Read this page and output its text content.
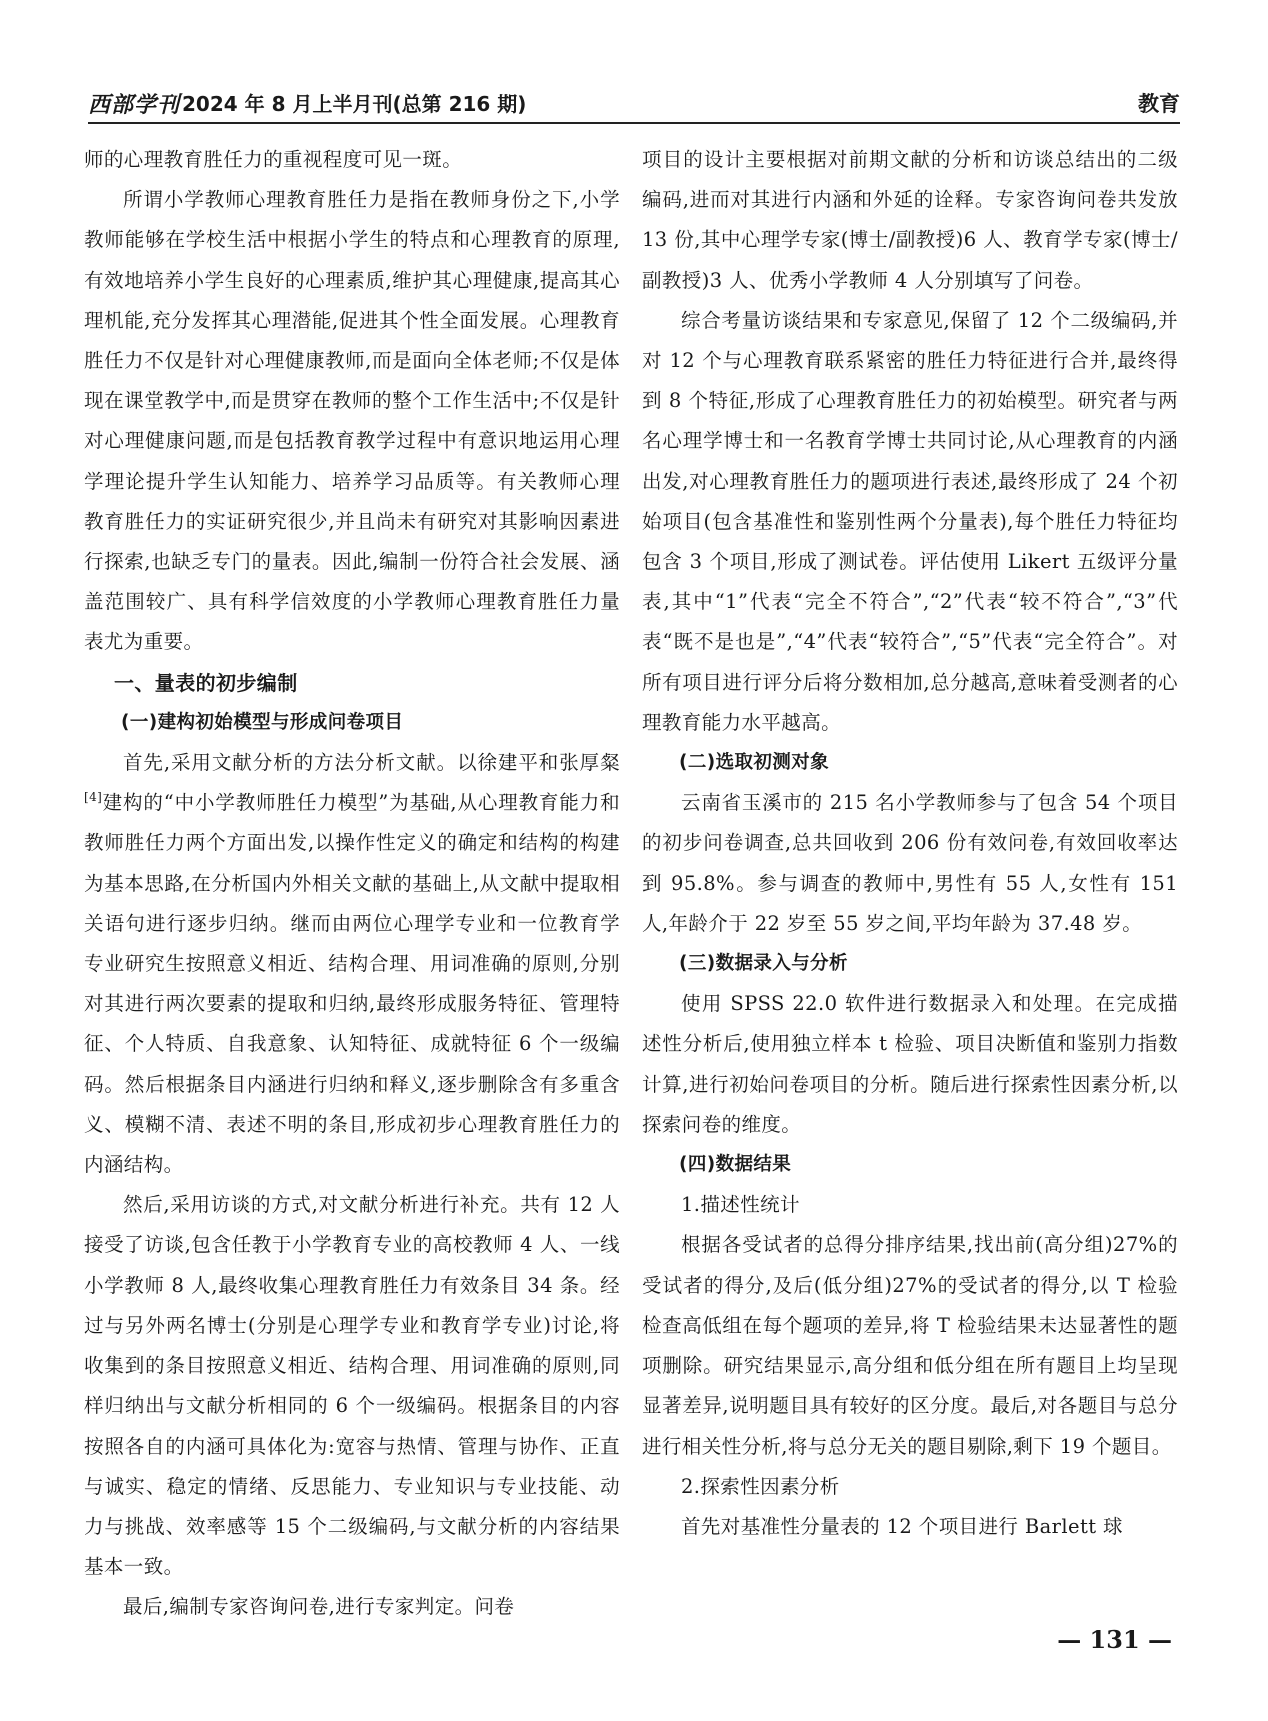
西部学刊 2024 年 8 月上半月刊(总第 216 期)	教育

师的心理教育胜任力的重视程度可见一斑。

所谓小学教师心理教育胜任力是指在教师身份之下,小学教师能够在学校生活中根据小学生的特点和心理教育的原理,有效地培养小学生良好的心理素质,维护其心理健康,提高其心理机能,充分发挥其心理潜能,促进其个性全面发展。心理教育胜任力不仅是针对心理健康教师,而是面向全体老师;不仅是体现在课堂教学中,而是贯穿在教师的整个工作生活中;不仅是针对心理健康问题,而是包括教育教学过程中有意识地运用心理学理论提升学生认知能力、培养学习品质等。有关教师心理教育胜任力的实证研究很少,并且尚未有研究对其影响因素进行探索,也缺乏专门的量表。因此,编制一份符合社会发展、涵盖范围较广、具有科学信效度的小学教师心理教育胜任力量表尤为重要。

一、量表的初步编制
(一)建构初始模型与形成问卷项目

首先,采用文献分析的方法分析文献。以徐建平和张厚粲[4]建构的“中小学教师胜任力模型”为基础,从心理教育能力和教师胜任力两个方面出发,以操作性定义的确定和结构的构建为基本思路,在分析国内外相关文献的基础上,从文献中提取相关语句进行逐步归纳。继而由两位心理学专业和一位教育学专业研究生按照意义相近、结构合理、用词准确的原则,分别对其进行两次要素的提取和归纳,最终形成服务特征、管理特征、个人特质、自我意象、认知特征、成就特征 6 个一级编码。然后根据条目内涵进行归纳和释义,逐步删除含有多重含义、模糊不清、表述不明的条目,形成初步心理教育胜任力的内涵结构。

然后,采用访谈的方式,对文献分析进行补充。共有 12 人接受了访谈,包含任教于小学教育专业的高校教师 4 人、一线小学教师 8 人,最终收集心理教育胜任力有效条目 34 条。经过与另外两名博士(分别是心理学专业和教育学专业)讨论,将收集到的条目按照意义相近、结构合理、用词准确的原则,同样归纳出与文献分析相同的 6 个一级编码。根据条目的内容按照各自的内涵可具体化为:宽容与热情、管理与协作、正直与诚实、稳定的情绪、反思能力、专业知识与专业技能、动力与挑战、效率感等 15 个二级编码,与文献分析的内容结果基本一致。

最后,编制专家咨询问卷,进行专家判定。问卷

项目的设计主要根据对前期文献的分析和访谈总结出的二级编码,进而对其进行内涵和外延的诠释。专家咨询问卷共发放 13 份,其中心理学专家(博士/副教授)6 人、教育学专家(博士/副教授)3 人、优秀小学教师 4 人分别填写了问卷。

综合考量访谈结果和专家意见,保留了 12 个二级编码,并对 12 个与心理教育联系紧密的胜任力特征进行合并,最终得到 8 个特征,形成了心理教育胜任力的初始模型。研究者与两名心理学博士和一名教育学博士共同讨论,从心理教育的内涵出发,对心理教育胜任力的题项进行表述,最终形成了 24 个初始项目(包含基准性和鉴别性两个分量表),每个胜任力特征均包含 3 个项目,形成了测试卷。评估使用 Likert 五级评分量表,其中“1”代表“完全不符合”,“2”代表“较不符合”,“3”代表“既不是也是”,“4”代表“较符合”,“5”代表“完全符合”。对所有项目进行评分后将分数相加,总分越高,意味着受测者的心理教育能力水平越高。

(二)选取初测对象

云南省玉溪市的 215 名小学教师参与了包含 54 个项目的初步问卷调查,总共回收到 206 份有效问卷,有效回收率达到 95.8%。参与调查的教师中,男性有 55 人,女性有 151 人,年龄介于 22 岁至 55 岁之间,平均年龄为 37.48 岁。

(三)数据录入与分析

使用 SPSS 22.0 软件进行数据录入和处理。在完成描述性分析后,使用独立样本 t 检验、项目决断值和鉴别力指数计算,进行初始问卷项目的分析。随后进行探索性因素分析,以探索问卷的维度。

(四)数据结果
1.描述性统计

根据各受试者的总得分排序结果,找出前(高分组)27%的受试者的得分,及后(低分组)27%的受试者的得分,以 T 检验检查高低组在每个题项的差异,将 T 检验结果未达显著性的题项删除。研究结果显示,高分组和低分组在所有题目上均呈现显著差异,说明题目具有较好的区分度。最后,对各题目与总分进行相关性分析,将与总分无关的题目剔除,剩下 19 个题目。

2.探索性因素分析

首先对基准性分量表的 12 个项目进行 Barlett 球

— 131 —
